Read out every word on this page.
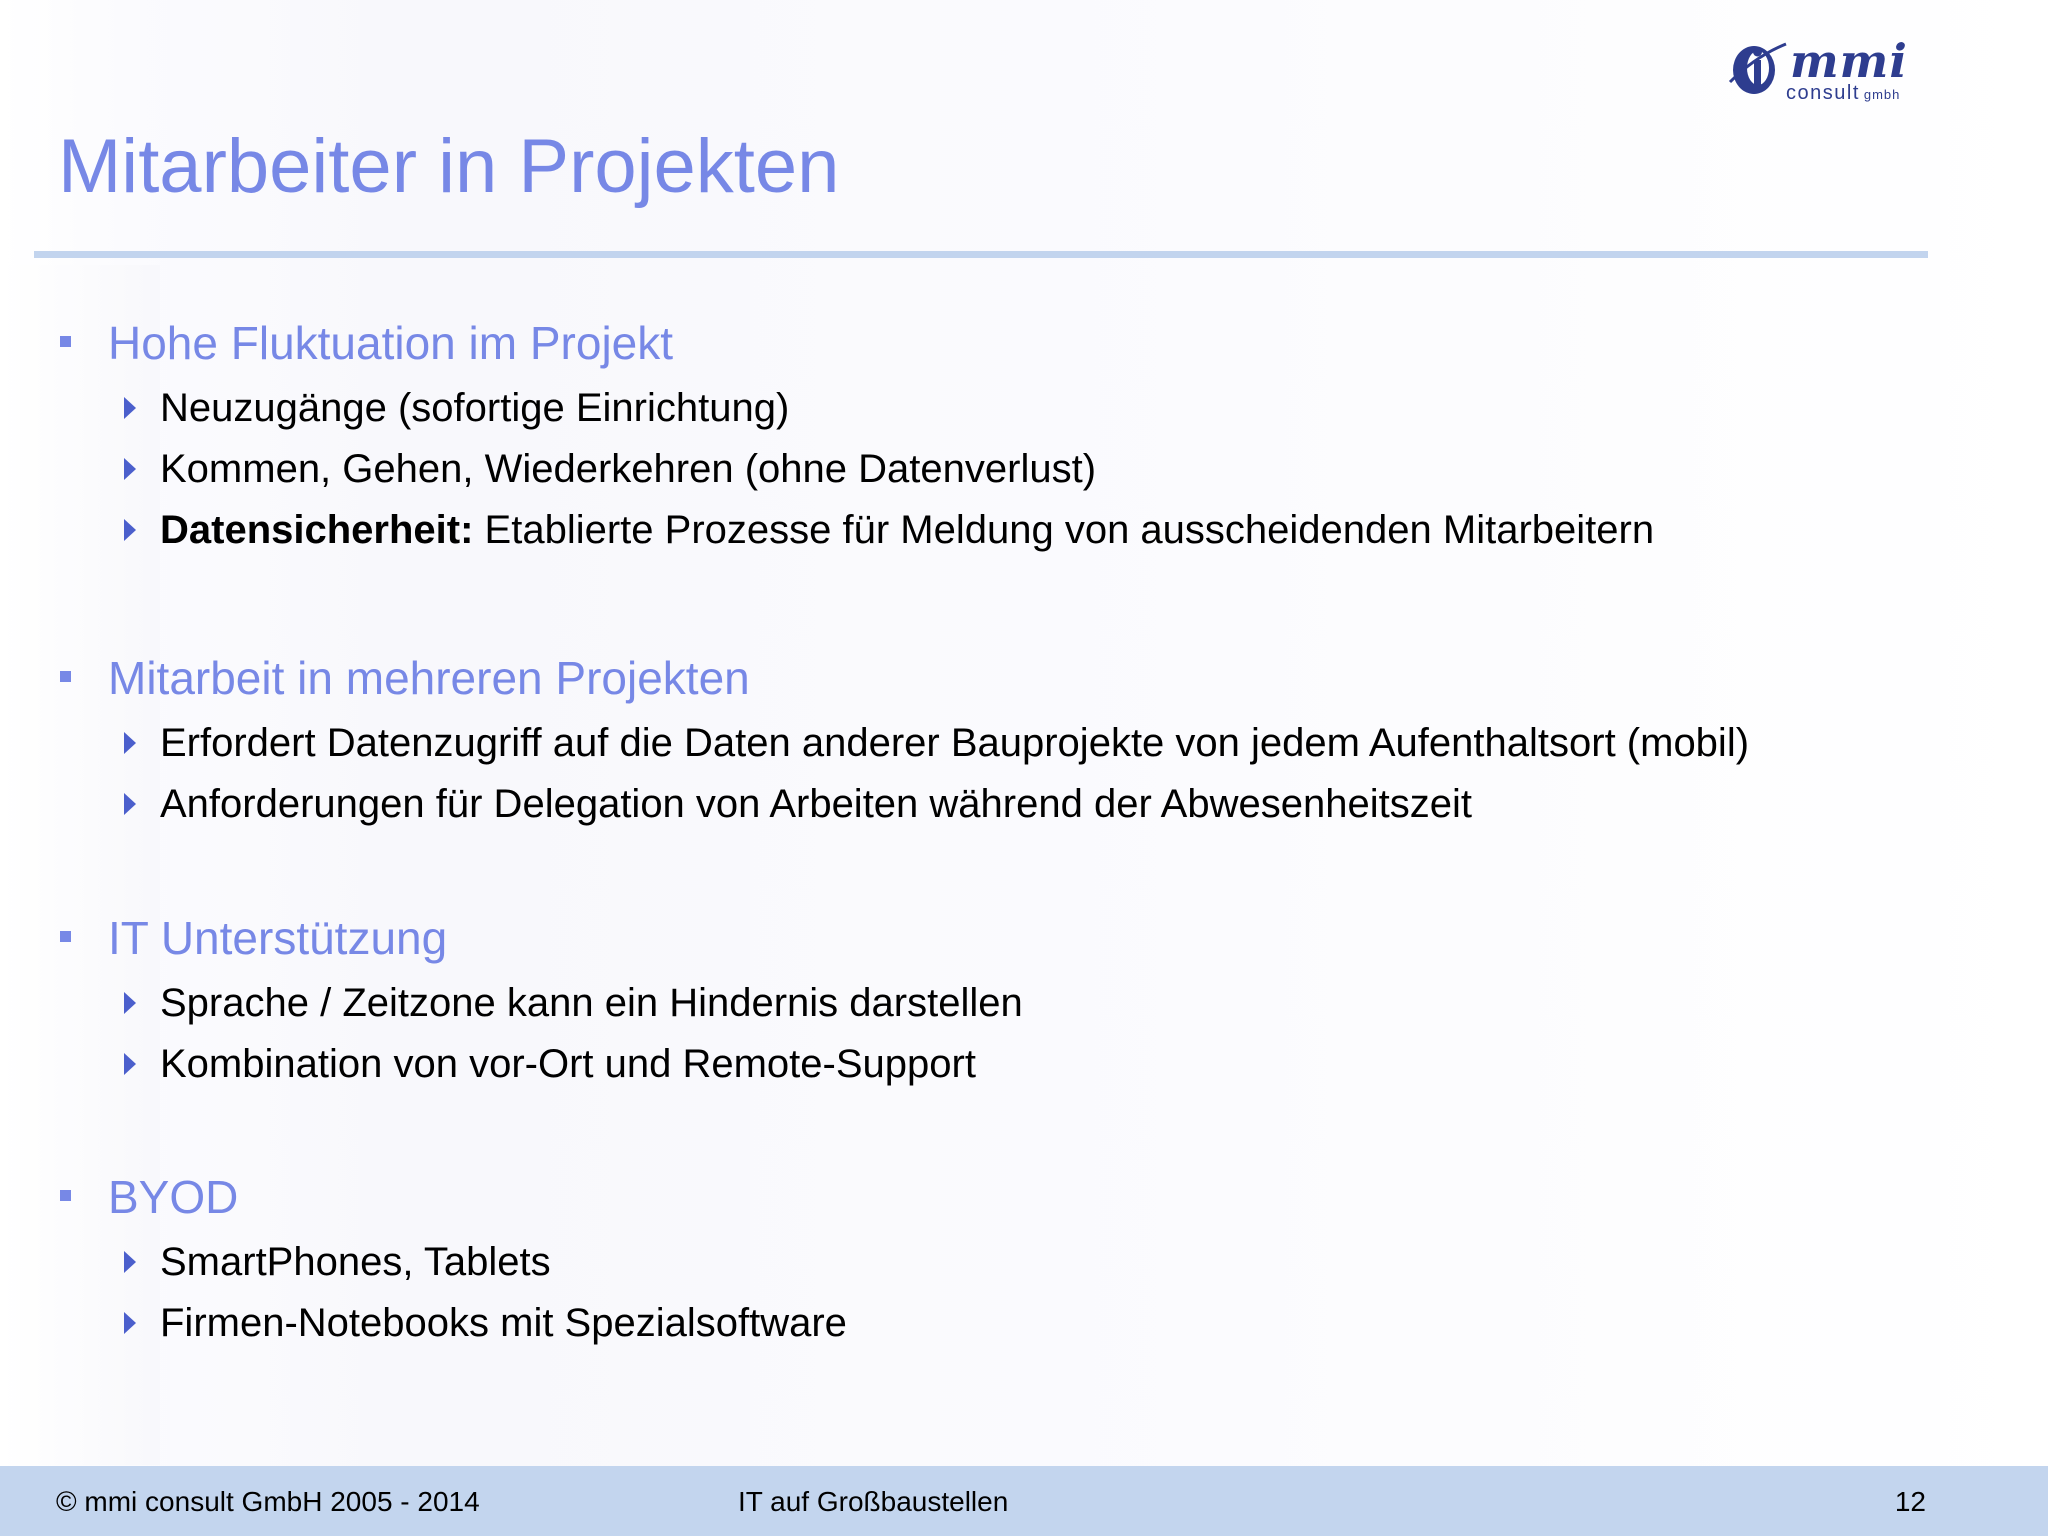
mmi
consult gmbh
Mitarbeiter in Projekten
Hohe Fluktuation im Projekt
Neuzugänge (sofortige Einrichtung)
Kommen, Gehen, Wiederkehren (ohne Datenverlust)
Datensicherheit: Etablierte Prozesse für Meldung von ausscheidenden Mitarbeitern
Mitarbeit in mehreren Projekten
Erfordert Datenzugriff auf die Daten anderer Bauprojekte von jedem Aufenthaltsort (mobil)
Anforderungen für Delegation von Arbeiten während der Abwesenheitszeit
IT Unterstützung
Sprache / Zeitzone kann ein Hindernis darstellen
Kombination von vor-Ort und Remote-Support
BYOD
SmartPhones, Tablets
Firmen-Notebooks mit Spezialsoftware
© mmi consult GmbH 2005 - 2014	IT auf Großbaustellen	12
